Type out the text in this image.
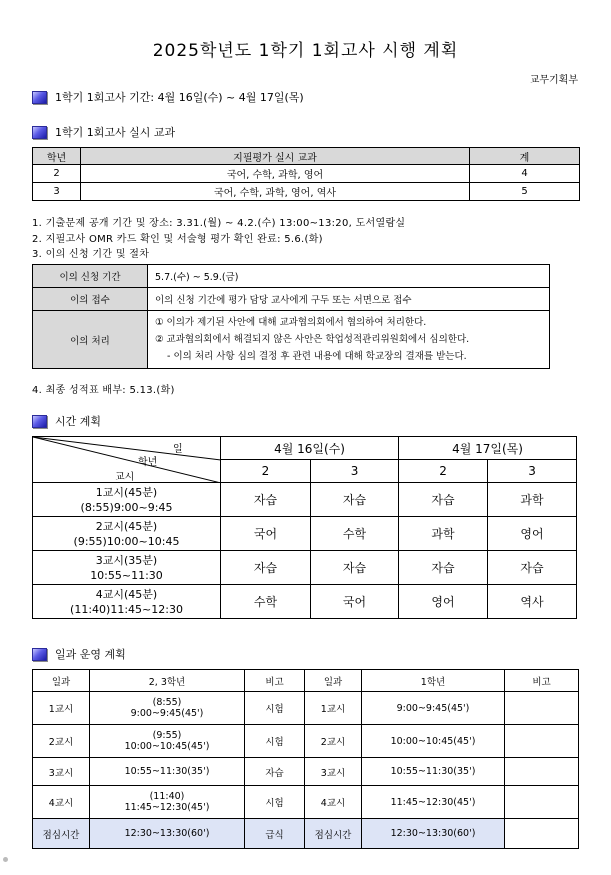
2025학년도 1학기 1회고사 시행 계획
교무기획부
1학기 1회고사 기간: 4월 16일(수) ~ 4월 17일(목)
1학기 1회고사 실시 교과
학년	지필평가 실시 교과	계
2	국어, 수학, 과학, 영어	4
3	국어, 수학, 과학, 영어, 역사	5
1. 기출문제 공개 기간 및 장소: 3.31.(월) ~ 4.2.(수) 13:00~13:20, 도서열람실
2. 지필고사 OMR 카드 확인 및 서술형 평가 확인 완료: 5.6.(화)
3. 이의 신청 기간 및 절차
이의 신청 기간	5.7.(수) ~ 5.9.(금)
이의 접수	이의 신청 기간에 평가 담당 교사에게 구두 또는 서면으로 접수
이의 처리	① 이의가 제기된 사안에 대해 교과협의회에서 협의하여 처리한다.
② 교과협의회에서 해결되지 않은 사안은 학업성적관리위원회에서 심의한다.
- 이의 처리 사항 심의 결정 후 관련 내용에 대해 학교장의 결재를 받는다.
4. 최종 성적표 배부: 5.13.(화)
시간 계획
일
학년
교시	4월 16일(수)		4월 17일(목)	
	2	3	2	3

1교시(45분)
(8:55)9:00~9:45	자습	자습	자습	과학

2교시(45분)
(9:55)10:00~10:45	국어	수학	과학	영어

3교시(35분)
10:55~11:30	자습	자습	자습	자습

4교시(45분)
(11:40)11:45~12:30	수학	국어	영어	역사
일과 운영 계획
일과	2, 3학년	비고	일과	1학년	비고
1교시	(8:55)
9:00~9:45(45')	시험	1교시	9:00~9:45(45')	
2교시	(9:55)
10:00~10:45(45')	시험	2교시	10:00~10:45(45')	
3교시	10:55~11:30(35')	자습	3교시	10:55~11:30(35')	
4교시	(11:40)
11:45~12:30(45')	시험	4교시	11:45~12:30(45')	
점심시간	12:30~13:30(60')	급식	점심시간	12:30~13:30(60')	
